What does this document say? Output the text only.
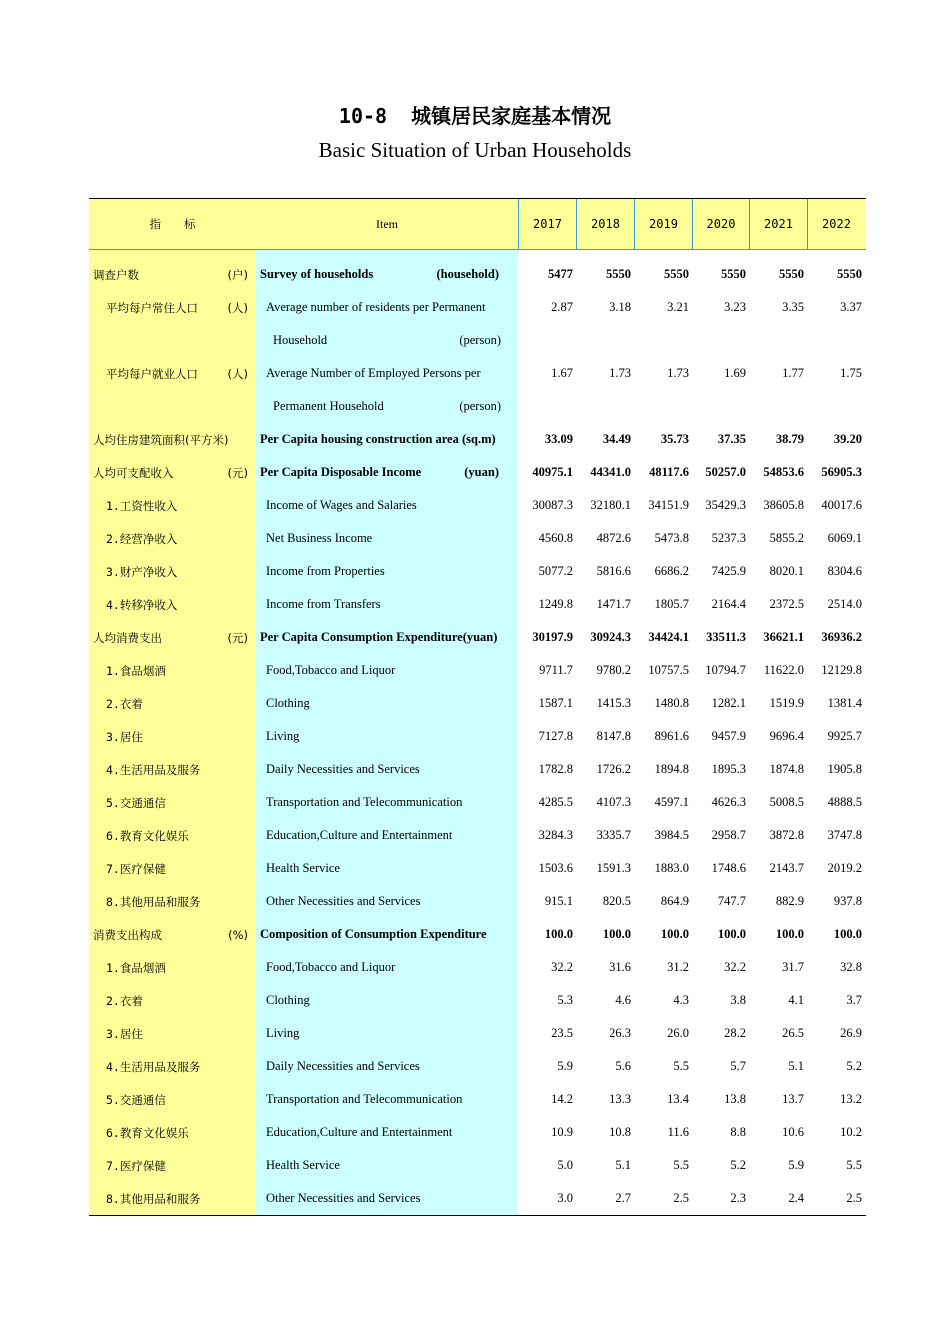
10-8 城镇居民家庭基本情况
Basic Situation of Urban Households
指　　标	Item	2017	2018	2019	2020	2021	2022
调查户数	(户) Survey of households	(household)	5477	5550	5550	5550	5550	5550
平均每户常住人口	(人) Average number of residents per Permanent	2.87	3.18	3.21	3.23	3.35	3.37
Household	(person)
平均每户就业人口	(人) Average Number of Employed Persons per	1.67	1.73	1.73	1.69	1.77	1.75
Permanent Household	(person)
人均住房建筑面积(平方米)	Per Capita housing construction area (sq.m)	33.09	34.49	35.73	37.35	38.79	39.20
人均可支配收入	(元) Per Capita Disposable Income	(yuan)	40975.1	44341.0	48117.6	50257.0	54853.6	56905.3
1.工资性收入	Income of Wages and Salaries	30087.3	32180.1	34151.9	35429.3	38605.8	40017.6
2.经营净收入	Net Business Income	4560.8	4872.6	5473.8	5237.3	5855.2	6069.1
3.财产净收入	Income from Properties	5077.2	5816.6	6686.2	7425.9	8020.1	8304.6
4.转移净收入	Income from Transfers	1249.8	1471.7	1805.7	2164.4	2372.5	2514.0
人均消费支出	(元) Per Capita Consumption Expenditure(yuan)	30197.9	30924.3	34424.1	33511.3	36621.1	36936.2
1.食品烟酒	Food,Tobacco and Liquor	9711.7	9780.2	10757.5	10794.7	11622.0	12129.8
2.衣着	Clothing	1587.1	1415.3	1480.8	1282.1	1519.9	1381.4
3.居住	Living	7127.8	8147.8	8961.6	9457.9	9696.4	9925.7
4.生活用品及服务	Daily Necessities and Services	1782.8	1726.2	1894.8	1895.3	1874.8	1905.8
5.交通通信	Transportation and Telecommunication	4285.5	4107.3	4597.1	4626.3	5008.5	4888.5
6.教育文化娱乐	Education,Culture and Entertainment	3284.3	3335.7	3984.5	2958.7	3872.8	3747.8
7.医疗保健	Health Service	1503.6	1591.3	1883.0	1748.6	2143.7	2019.2
8.其他用品和服务	Other Necessities and Services	915.1	820.5	864.9	747.7	882.9	937.8
消费支出构成	(%) Composition of Consumption Expenditure	100.0	100.0	100.0	100.0	100.0	100.0
1.食品烟酒	Food,Tobacco and Liquor	32.2	31.6	31.2	32.2	31.7	32.8
2.衣着	Clothing	5.3	4.6	4.3	3.8	4.1	3.7
3.居住	Living	23.5	26.3	26.0	28.2	26.5	26.9
4.生活用品及服务	Daily Necessities and Services	5.9	5.6	5.5	5.7	5.1	5.2
5.交通通信	Transportation and Telecommunication	14.2	13.3	13.4	13.8	13.7	13.2
6.教育文化娱乐	Education,Culture and Entertainment	10.9	10.8	11.6	8.8	10.6	10.2
7.医疗保健	Health Service	5.0	5.1	5.5	5.2	5.9	5.5
8.其他用品和服务	Other Necessities and Services	3.0	2.7	2.5	2.3	2.4	2.5
